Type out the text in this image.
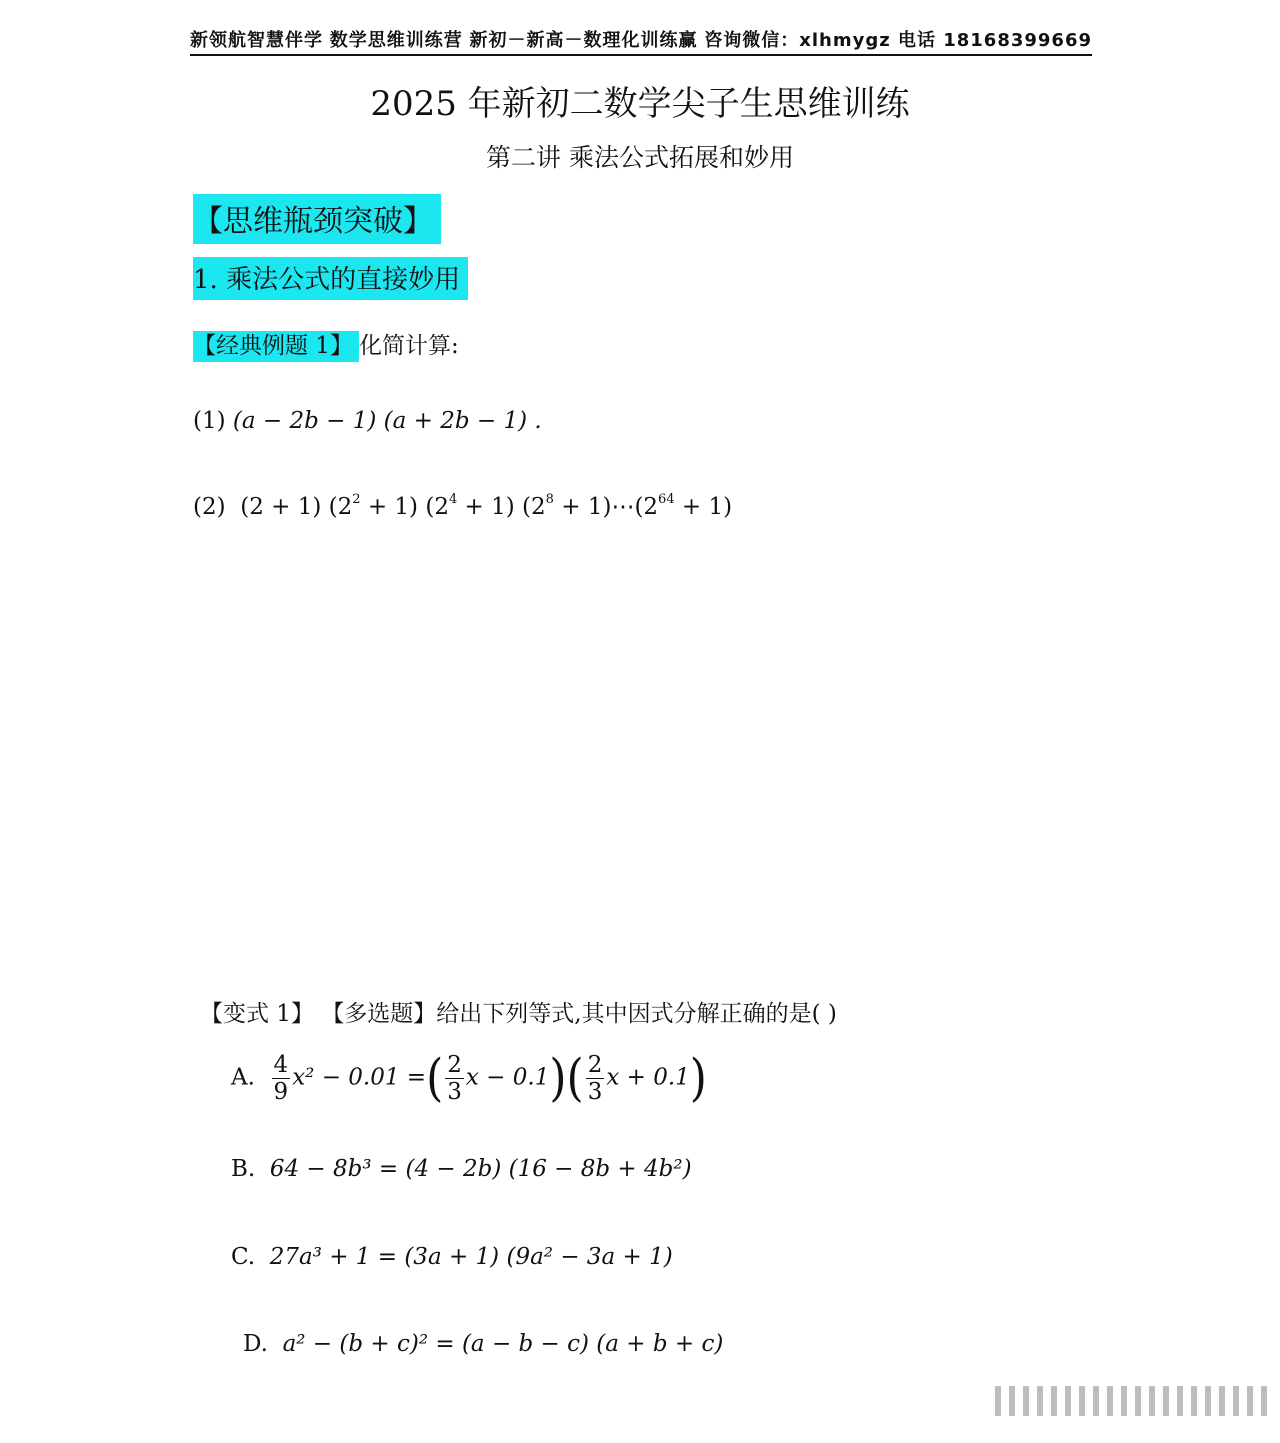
新领航智慧伴学 数学思维训练营 新初－新高－数理化训练赢 咨询微信：xlhmygz 电话 18168399669
2025 年新初二数学尖子生思维训练
第二讲 乘法公式拓展和妙用
【思维瓶颈突破】
1. 乘法公式的直接妙用
【经典例题 1】 化简计算:
(1) (a − 2b − 1) (a + 2b − 1) .
(2) (2 + 1) $(2^2 + 1) (2^4 + 1) (2^8$ + $1)\cdots(2^{64} + 1)$
【变式 1】 【多选题】给出下列等式,其中因式分解正确的是( )
A. $\frac{4}{9} x^2 - 0.01$ =( $\frac{2}{3}$ $x - 0.1)( \frac{2}{3}$ x + 0.1)
B. 64 − 8b³ = (4 − 2b) (16 − 8b + 4b²)
C. 27a³ + 1 = (3a + 1) (9a² − 3a + 1)
D. a² − (b + c)² = (a − b − c) (a + b + c)
